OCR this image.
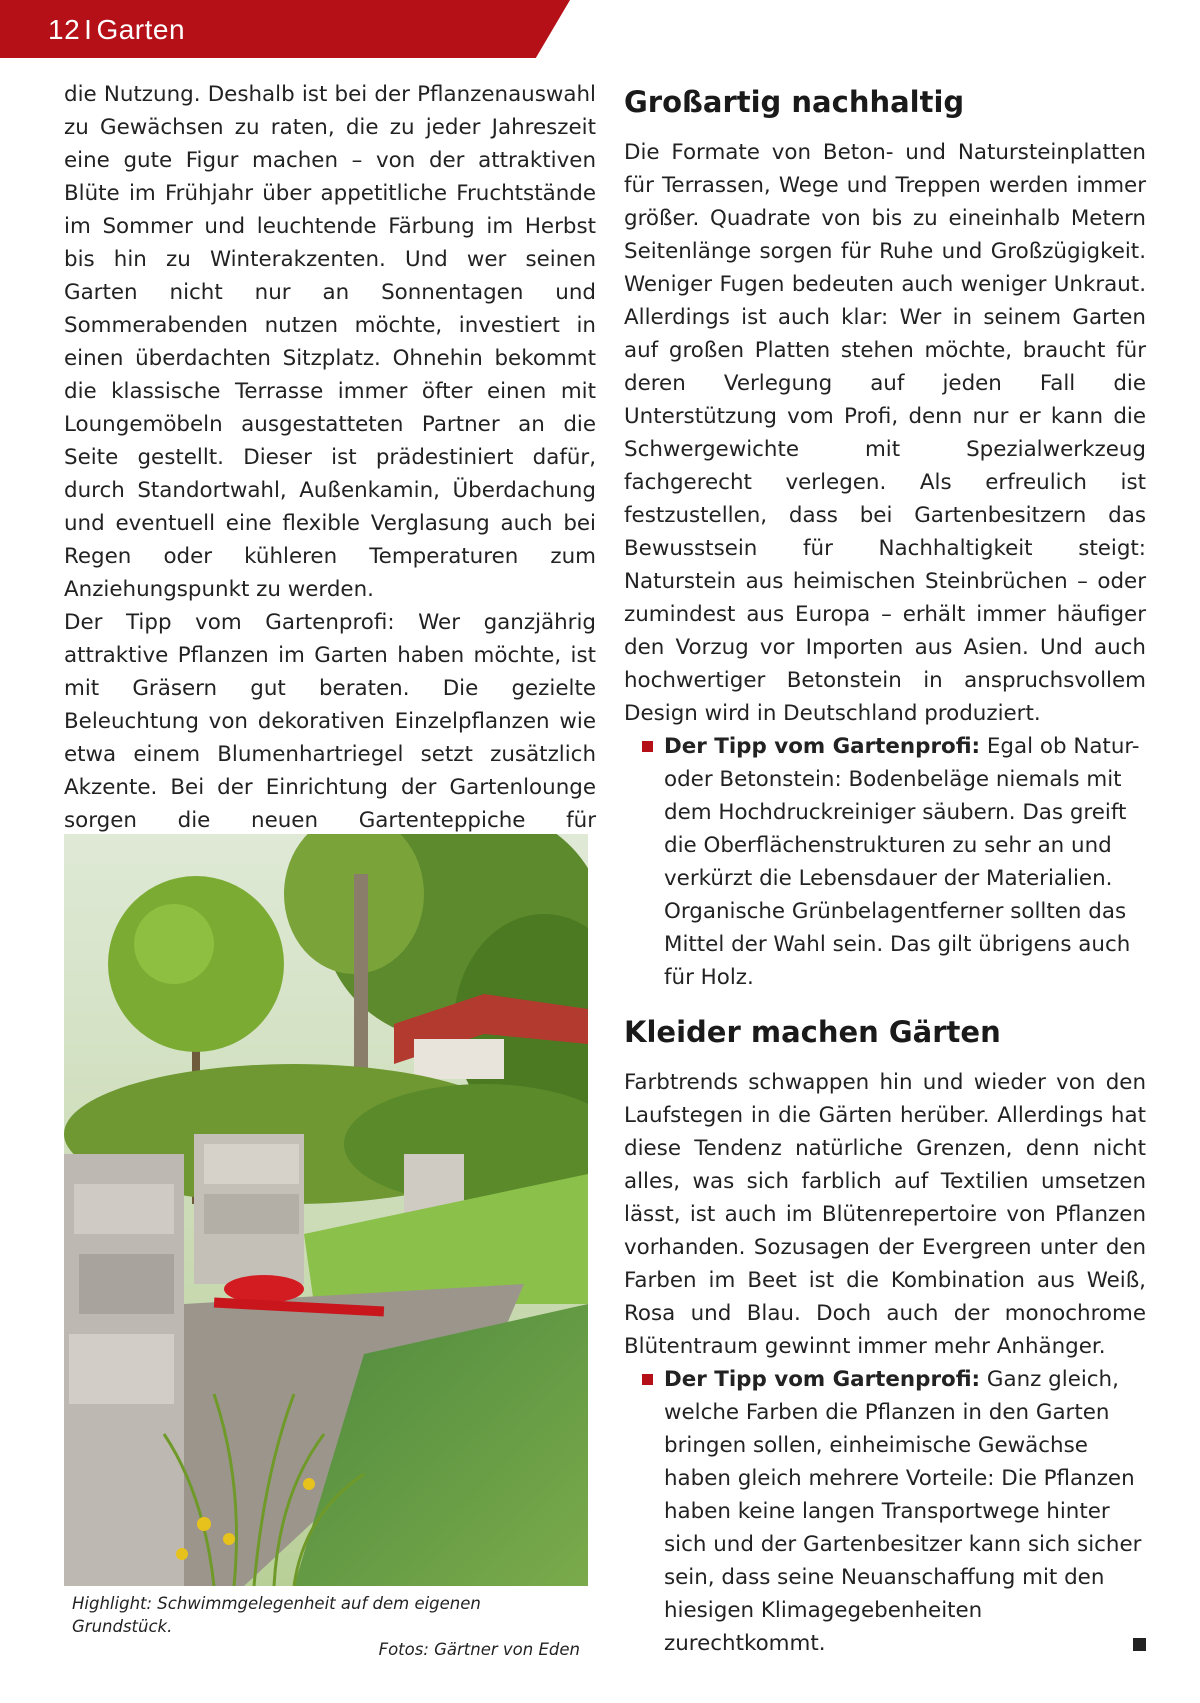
12 I Garten

die Nutzung. Deshalb ist bei der Pflanzenauswahl zu Gewächsen zu raten, die zu jeder Jahreszeit eine gute Figur machen – von der attraktiven Blüte im Frühjahr über appetitliche Fruchtstände im Sommer und leuchtende Färbung im Herbst bis hin zu Winterakzenten. Und wer seinen Garten nicht nur an Sonnentagen und Sommerabenden nutzen möchte, investiert in einen überdachten Sitzplatz. Ohnehin bekommt die klassische Terrasse immer öfter einen mit Loungemöbeln ausgestatteten Partner an die Seite gestellt. Dieser ist prädestiniert dafür, durch Standortwahl, Außenkamin, Überdachung und eventuell eine flexible Verglasung auch bei Regen oder kühleren Temperaturen zum Anziehungspunkt zu werden.

Der Tipp vom Gartenprofi: Wer ganzjährig attraktive Pflanzen im Garten haben möchte, ist mit Gräsern gut beraten. Die gezielte Beleuchtung von dekorativen Einzelpflanzen wie etwa einem Blumenhartriegel setzt zusätzlich Akzente. Bei der Einrichtung der Gartenlounge sorgen die neuen Gartenteppiche für

Highlight: Schwimmgelegenheit auf dem eigenen Grundstück.
Fotos: Gärtner von Eden
Großartig nachhaltig

Die Formate von Beton- und Natursteinplatten für Terrassen, Wege und Treppen werden immer größer. Quadrate von bis zu eineinhalb Metern Seitenlänge sorgen für Ruhe und Großzügigkeit. Weniger Fugen bedeuten auch weniger Unkraut. Allerdings ist auch klar: Wer in seinem Garten auf großen Platten stehen möchte, braucht für deren Verlegung auf jeden Fall die Unterstützung vom Profi, denn nur er kann die Schwergewichte mit Spezialwerkzeug fachgerecht verlegen. Als erfreulich ist festzustellen, dass bei Gartenbesitzern das Bewusstsein für Nachhaltigkeit steigt: Naturstein aus heimischen Steinbrüchen – oder zumindest aus Europa – erhält immer häufiger den Vorzug vor Importen aus Asien. Und auch hochwertiger Betonstein in anspruchsvollem Design wird in Deutschland produziert.

Der Tipp vom Gartenprofi: Egal ob Natur- oder Betonstein: Bodenbeläge niemals mit dem Hochdruckreiniger säubern. Das greift die Oberflächenstrukturen zu sehr an und verkürzt die Lebensdauer der Materialien. Organische Grünbelagentferner sollten das Mittel der Wahl sein. Das gilt übrigens auch für Holz.
Kleider machen Gärten

Farbtrends schwappen hin und wieder von den Laufstegen in die Gärten herüber. Allerdings hat diese Tendenz natürliche Grenzen, denn nicht alles, was sich farblich auf Textilien umsetzen lässt, ist auch im Blütenrepertoire von Pflanzen vorhanden. Sozusagen der Evergreen unter den Farben im Beet ist die Kombination aus Weiß, Rosa und Blau. Doch auch der monochrome Blütentraum gewinnt immer mehr Anhänger.

Der Tipp vom Gartenprofi: Ganz gleich, welche Farben die Pflanzen in den Garten bringen sollen, einheimische Gewächse haben gleich mehrere Vorteile: Die Pflanzen haben keine langen Transportwege hinter sich und der Gartenbesitzer kann sich sicher sein, dass seine Neuanschaffung mit den hiesigen Klimagegebenheiten zurechtkommt.
